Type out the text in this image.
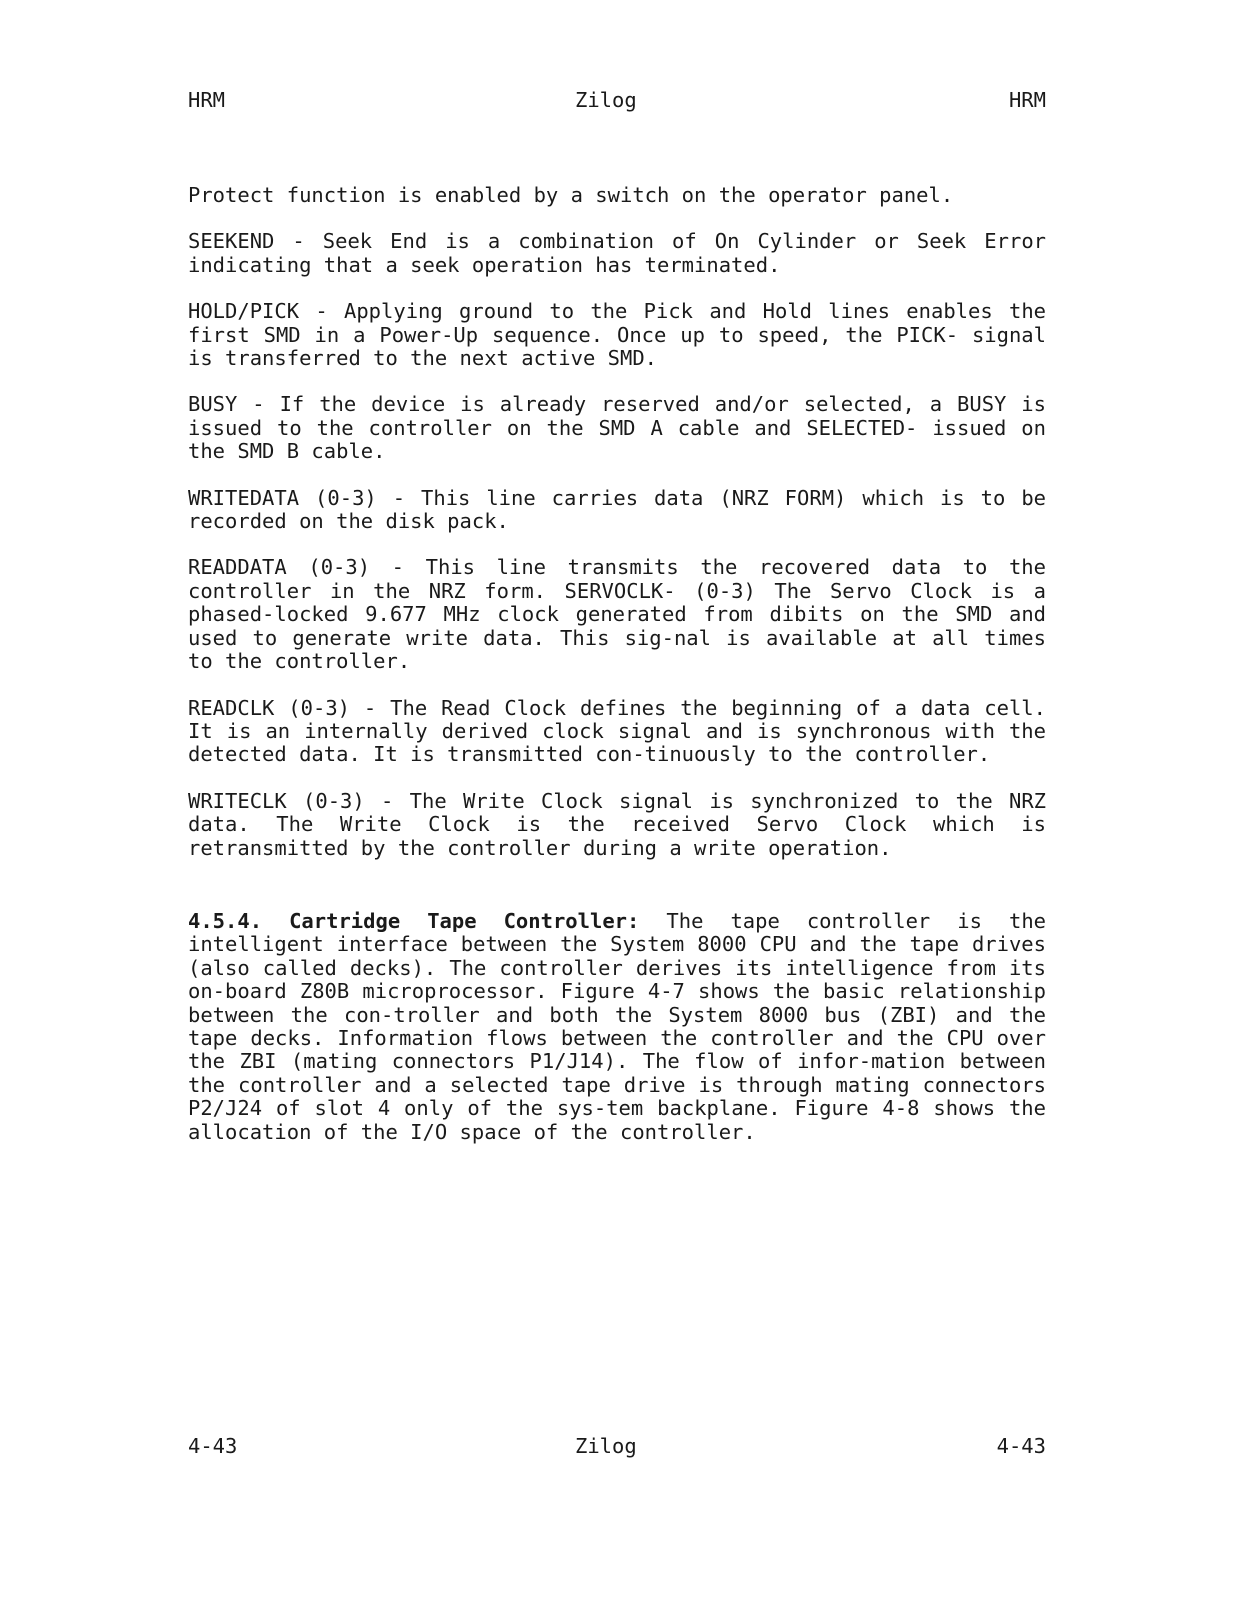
HRM	Zilog	HRM

Protect function is enabled by a switch on the operator panel.

SEEKEND - Seek End is a combination of On Cylinder or Seek Error indicating that a seek operation has terminated.

HOLD/PICK - Applying ground to the Pick and Hold lines enables the first SMD in a Power-Up sequence. Once up to speed, the PICK- signal is transferred to the next active SMD.

BUSY - If the device is already reserved and/or selected, a BUSY is issued to the controller on the SMD A cable and SELECTED- issued on the SMD B cable.

WRITEDATA (0-3) - This line carries data (NRZ FORM) which is to be recorded on the disk pack.

READDATA (0-3) - This line transmits the recovered data to the controller in the NRZ form. SERVOCLK- (0-3) The Servo Clock is a phased-locked 9.677 MHz clock generated from dibits on the SMD and used to generate write data. This sig-nal is available at all times to the controller.

READCLK (0-3) - The Read Clock defines the beginning of a data cell. It is an internally derived clock signal and is synchronous with the detected data. It is transmitted con-tinuously to the controller.

WRITECLK (0-3) - The Write Clock signal is synchronized to the NRZ data. The Write Clock is the received Servo Clock which is retransmitted by the controller during a write operation.

4.5.4. Cartridge Tape Controller: The tape controller is the intelligent interface between the System 8000 CPU and the tape drives (also called decks). The controller derives its intelligence from its on-board Z80B microprocessor. Figure 4-7 shows the basic relationship between the con-troller and both the System 8000 bus (ZBI) and the tape decks. Information flows between the controller and the CPU over the ZBI (mating connectors P1/J14). The flow of infor-mation between the controller and a selected tape drive is through mating connectors P2/J24 of slot 4 only of the sys-tem backplane. Figure 4-8 shows the allocation of the I/O space of the controller.

4-43	Zilog	4-43
